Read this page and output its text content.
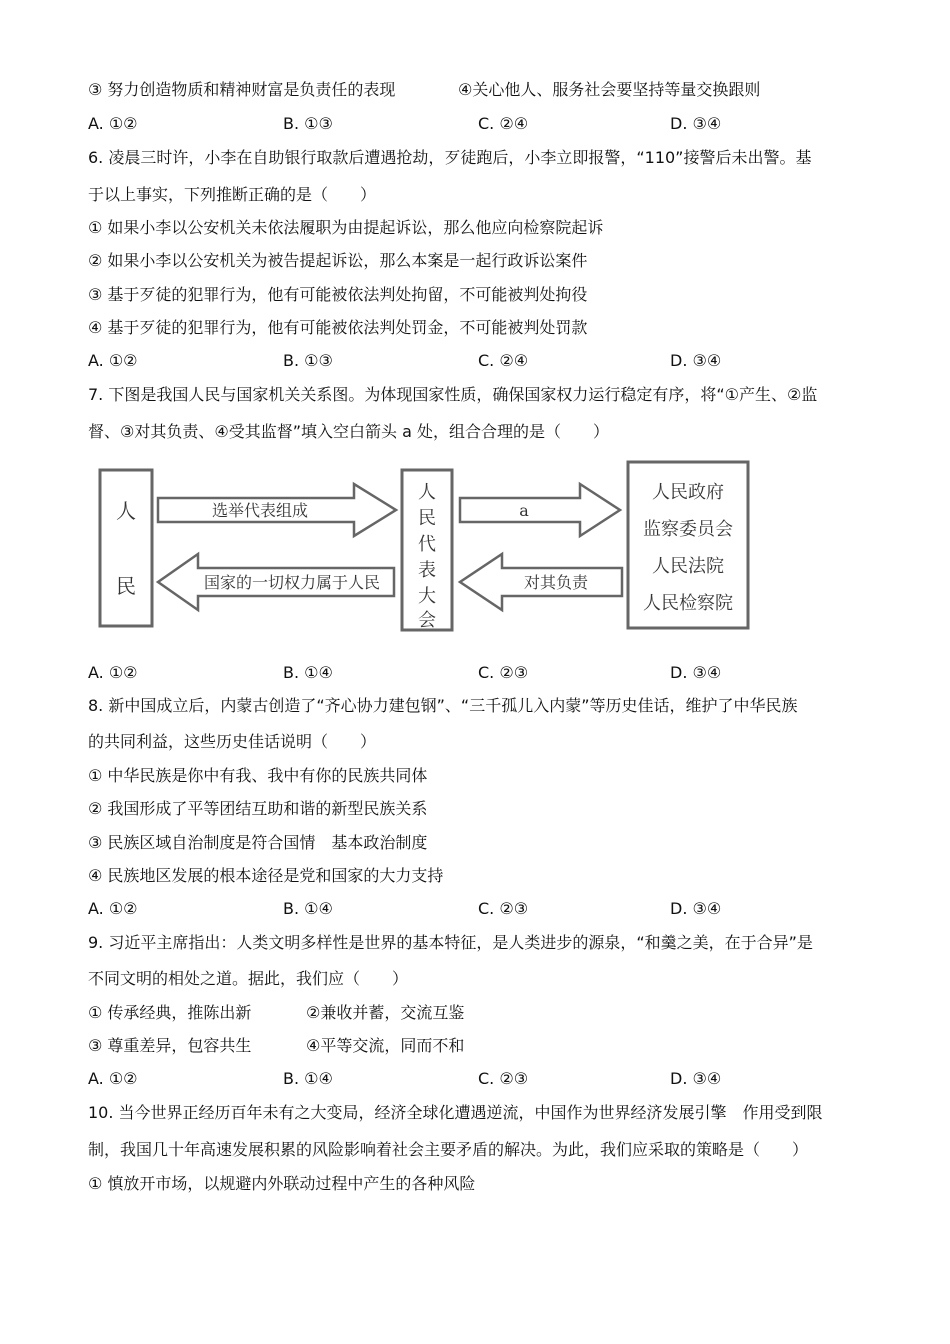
③ 努力创造物质和精神财富是负责任的表现	④关心他人、服务社会要坚持等量交换跟则
A. ①②	B. ①③	C. ②④	D. ③④
6. 凌晨三时许，小李在自助银行取款后遭遇抢劫，歹徒跑后，小李立即报警，“110”接警后未出警。基
于以上事实，下列推断正确的是（　　）
① 如果小李以公安机关未依法履职为由提起诉讼，那么他应向检察院起诉
② 如果小李以公安机关为被告提起诉讼，那么本案是一起行政诉讼案件
③ 基于歹徒的犯罪行为，他有可能被依法判处拘留，不可能被判处拘役
④ 基于歹徒的犯罪行为，他有可能被依法判处罚金，不可能被判处罚款
A. ①②	B. ①③	C. ②④	D. ③④
7. 下图是我国人民与国家机关关系图。为体现国家性质，确保国家权力运行稳定有序，将“①产生、②监
督、③对其负责、④受其监督”填入空白箭头 a 处，组合合理的是（　　）
人
民
人
民
代
表
大
会
人民政府
监察委员会
人民法院
人民检察院
选举代表组成
国家的一切权力属于人民
a
对其负责
A. ①②	B. ①④	C. ②③	D. ③④
8. 新中国成立后，内蒙古创造了“齐心协力建包钢”、“三千孤儿入内蒙”等历史佳话，维护了中华民族
的共同利益，这些历史佳话说明（　　）
① 中华民族是你中有我、我中有你的民族共同体
② 我国形成了平等团结互助和谐的新型民族关系
③ 民族区域自治制度是符合国情　基本政治制度
④ 民族地区发展的根本途径是党和国家的大力支持
A. ①②	B. ①④	C. ②③	D. ③④
9. 习近平主席指出：人类文明多样性是世界的基本特征，是人类进步的源泉，“和羹之美，在于合异”是
不同文明的相处之道。据此，我们应（　　）
① 传承经典，推陈出新	②兼收并蓄，交流互鉴
③ 尊重差异，包容共生	④平等交流，同而不和
A. ①②	B. ①④	C. ②③	D. ③④
10. 当今世界正经历百年未有之大变局，经济全球化遭遇逆流，中国作为世界经济发展引擎　作用受到限
制，我国几十年高速发展积累的风险影响着社会主要矛盾的解决。为此，我们应采取的策略是（　　）
① 慎放开市场，以规避内外联动过程中产生的各种风险
